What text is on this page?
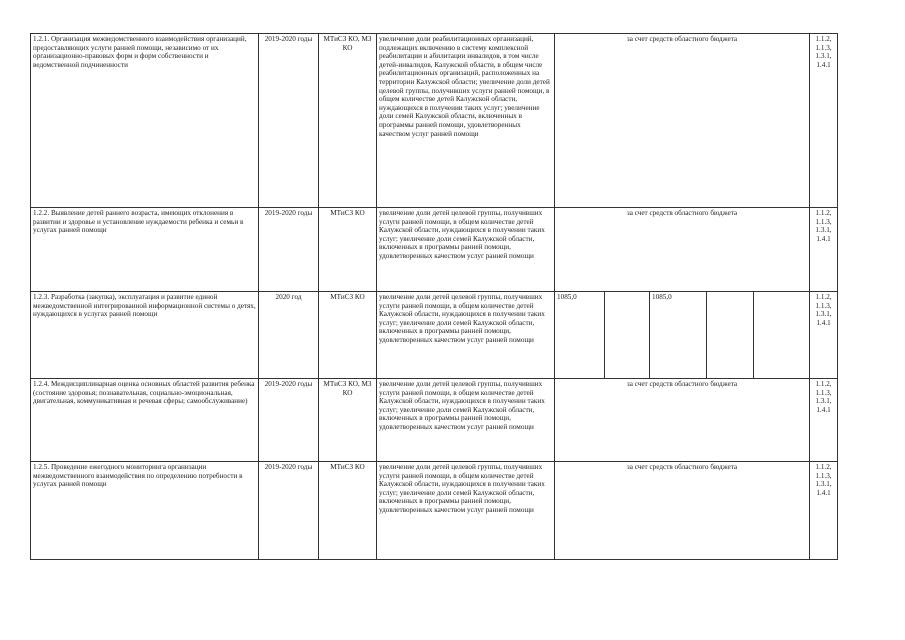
1.2.1. Организация межведомственного взаимодействия организаций, предоставляющих услуги ранней помощи, независимо от их организационно-правовых форм и форм собственности и ведомственной подчиненности	2019-2020 годы	МТиСЗ КО, МЗ КО	увеличение доли реабилитационных организаций, подлежащих включению в систему комплексной реабилитации и абилитации инвалидов, в том числе детей-инвалидов, Калужской области, в общем числе реабилитационных организаций, расположенных на территории Калужской области; увеличение доли детей целевой группы, получивших услуги ранней помощи, в общем количестве детей Калужской области, нуждающихся в получении таких услуг; увеличение доли семей Калужской области, включенных в программы ранней помощи, удовлетворенных качеством услуг ранней помощи	за счет средств областного бюджета					1.1.2, 1.1.3, 1.3.1, 1.4.1
1.2.2. Выявление детей раннего возраста, имеющих отклонения в развитии и здоровье и установление нуждаемости ребенка и семьи в услугах ранней помощи	2019-2020 годы	МТиСЗ КО	увеличение доли детей целевой группы, получивших услуги ранней помощи, в общем количестве детей Калужской области, нуждающихся в получении таких услуг; увеличение доли семей Калужской области, включенных в программы ранней помощи, удовлетворенных качеством услуг ранней помощи	за счет средств областного бюджета					1.1.2, 1.1.3, 1.3.1, 1.4.1
1.2.3. Разработка (закупка), эксплуатация и развитие единой межведомственной интегрированной информационной системы о детях, нуждающихся в услугах ранней помощи	2020 год	МТиСЗ КО	увеличение доли детей целевой группы, получивших услуги ранней помощи, в общем количестве детей Калужской области, нуждающихся в получении таких услуг; увеличение доли семей Калужской области, включенных в программы ранней помощи, удовлетворенных качеством услуг ранней помощи	1085,0		1085,0			1.1.2, 1.1.3, 1.3.1, 1.4.1
1.2.4. Междисциплинарная оценка основных областей развития ребенка (состояние здоровья; познавательная, социально-эмоциональная, двигательная, коммуникативная и речевая сферы; самообслуживание)	2019-2020 годы	МТиСЗ КО, МЗ КО	увеличение доли детей целевой группы, получивших услуги ранней помощи, в общем количестве детей Калужской области, нуждающихся в получении таких услуг; увеличение доли семей Калужской области, включенных в программы ранней помощи, удовлетворенных качеством услуг ранней помощи	за счет средств областного бюджета					1.1.2, 1.1.3, 1.3.1, 1.4.1
1.2.5. Проведение ежегодного мониторинга организации межведомственного взаимодействия по определению потребности в услугах ранней помощи	2019-2020 годы	МТиСЗ КО	увеличение доли детей целевой группы, получивших услуги ранней помощи, в общем количестве детей Калужской области, нуждающихся в получении таких услуг; увеличение доли семей Калужской области, включенных в программы ранней помощи, удовлетворенных качеством услуг ранней помощи	за счет средств областного бюджета					1.1.2, 1.1.3, 1.3.1, 1.4.1
